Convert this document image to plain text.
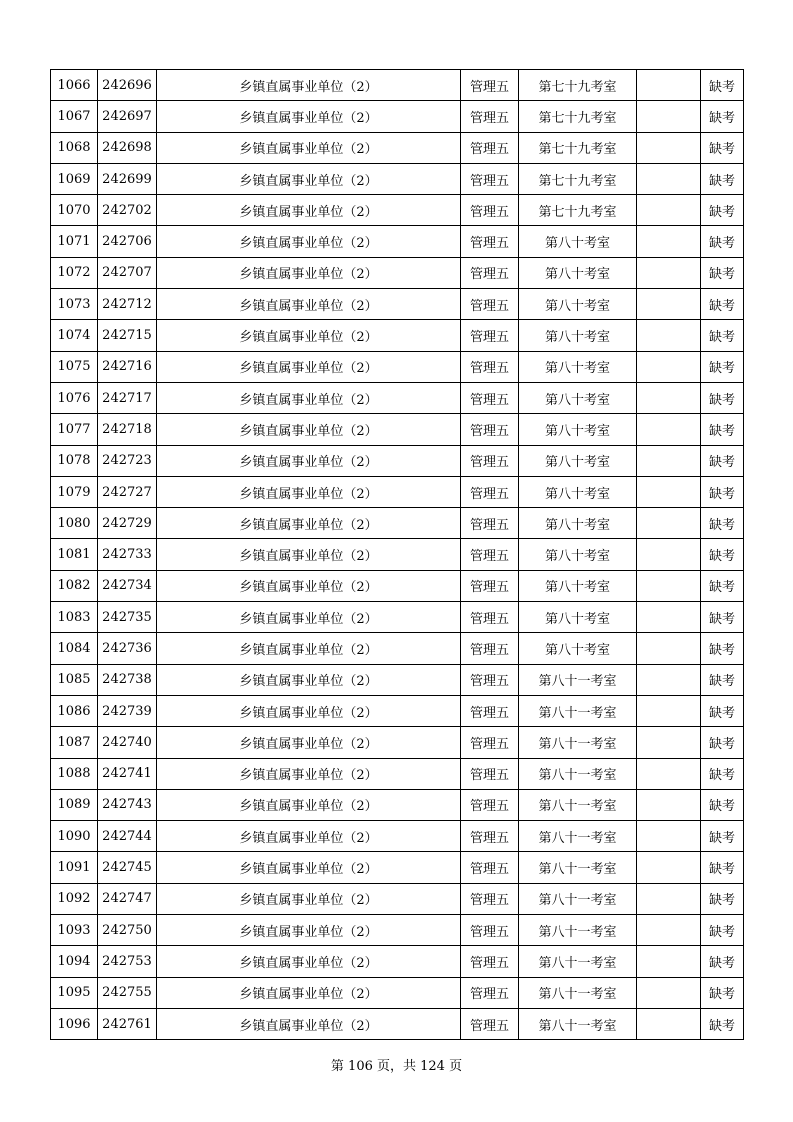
1066	242696	乡镇直属事业单位（2）	管理五	第七十九考室		缺考
1067	242697	乡镇直属事业单位（2）	管理五	第七十九考室		缺考
1068	242698	乡镇直属事业单位（2）	管理五	第七十九考室		缺考
1069	242699	乡镇直属事业单位（2）	管理五	第七十九考室		缺考
1070	242702	乡镇直属事业单位（2）	管理五	第七十九考室		缺考
1071	242706	乡镇直属事业单位（2）	管理五	第八十考室		缺考
1072	242707	乡镇直属事业单位（2）	管理五	第八十考室		缺考
1073	242712	乡镇直属事业单位（2）	管理五	第八十考室		缺考
1074	242715	乡镇直属事业单位（2）	管理五	第八十考室		缺考
1075	242716	乡镇直属事业单位（2）	管理五	第八十考室		缺考
1076	242717	乡镇直属事业单位（2）	管理五	第八十考室		缺考
1077	242718	乡镇直属事业单位（2）	管理五	第八十考室		缺考
1078	242723	乡镇直属事业单位（2）	管理五	第八十考室		缺考
1079	242727	乡镇直属事业单位（2）	管理五	第八十考室		缺考
1080	242729	乡镇直属事业单位（2）	管理五	第八十考室		缺考
1081	242733	乡镇直属事业单位（2）	管理五	第八十考室		缺考
1082	242734	乡镇直属事业单位（2）	管理五	第八十考室		缺考
1083	242735	乡镇直属事业单位（2）	管理五	第八十考室		缺考
1084	242736	乡镇直属事业单位（2）	管理五	第八十考室		缺考
1085	242738	乡镇直属事业单位（2）	管理五	第八十一考室		缺考
1086	242739	乡镇直属事业单位（2）	管理五	第八十一考室		缺考
1087	242740	乡镇直属事业单位（2）	管理五	第八十一考室		缺考
1088	242741	乡镇直属事业单位（2）	管理五	第八十一考室		缺考
1089	242743	乡镇直属事业单位（2）	管理五	第八十一考室		缺考
1090	242744	乡镇直属事业单位（2）	管理五	第八十一考室		缺考
1091	242745	乡镇直属事业单位（2）	管理五	第八十一考室		缺考
1092	242747	乡镇直属事业单位（2）	管理五	第八十一考室		缺考
1093	242750	乡镇直属事业单位（2）	管理五	第八十一考室		缺考
1094	242753	乡镇直属事业单位（2）	管理五	第八十一考室		缺考
1095	242755	乡镇直属事业单位（2）	管理五	第八十一考室		缺考
1096	242761	乡镇直属事业单位（2）	管理五	第八十一考室		缺考
第 106 页，共 124 页
